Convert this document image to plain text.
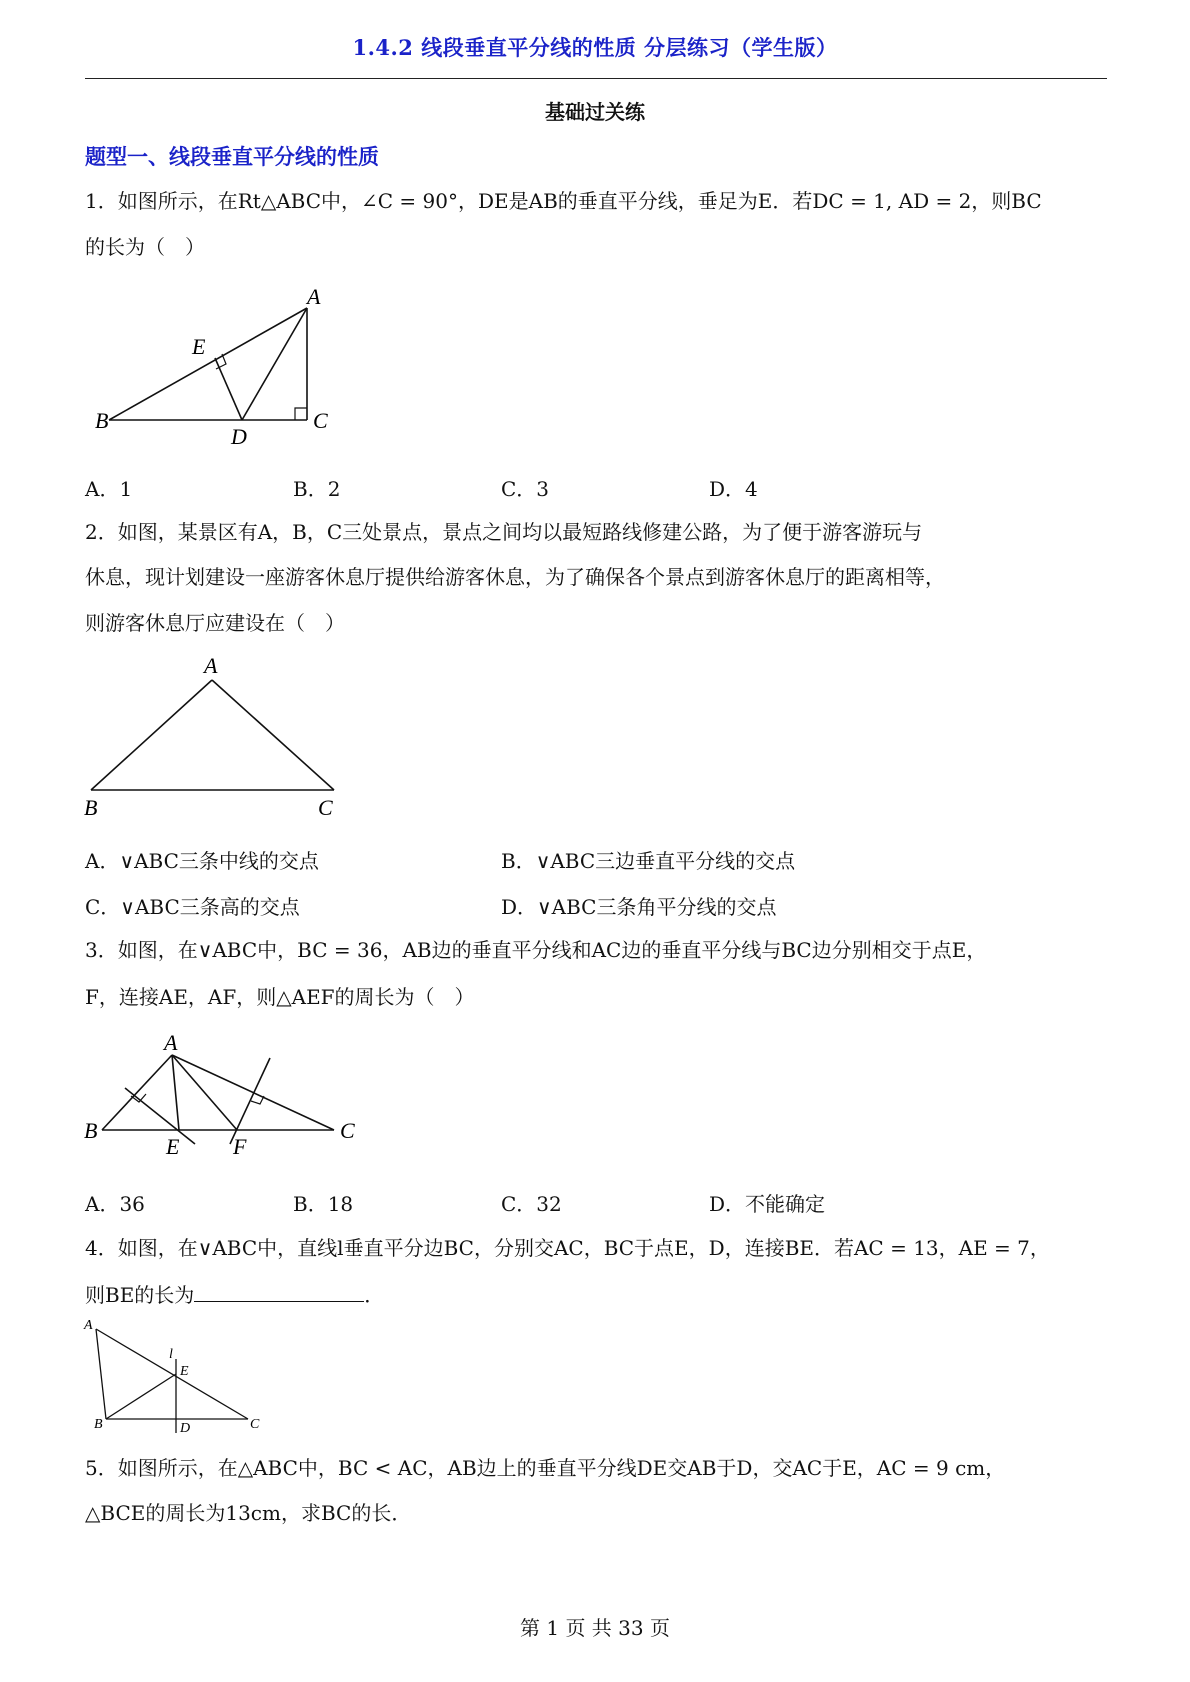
1.4.2 线段垂直平分线的性质 分层练习（学生版）
基础过关练
题型一、线段垂直平分线的性质
1．如图所示，在Rt△ABC中，∠C = 90°，DE是AB的垂直平分线，垂足为E．若DC = 1, AD = 2，则BC
的长为（　）
A
B	C
D
E
A．1	B．2	C．3	D．4
2．如图，某景区有A，B，C三处景点，景点之间均以最短路线修建公路，为了便于游客游玩与
休息，现计划建设一座游客休息厅提供给游客休息，为了确保各个景点到游客休息厅的距离相等，
则游客休息厅应建设在（　）
A
B	C
A．∨ABC三条中线的交点	B．∨ABC三边垂直平分线的交点
C．∨ABC三条高的交点	D．∨ABC三条角平分线的交点
3．如图，在∨ABC中，BC = 36，AB边的垂直平分线和AC边的垂直平分线与BC边分别相交于点E，
F，连接AE，AF，则△AEF的周长为（　）
A
B	C
E F
A．36	B．18	C．32	D．不能确定
4．如图，在∨ABC中，直线l垂直平分边BC，分别交AC，BC于点E，D，连接BE．若AC = 13，AE = 7，
则BE的长为	．
A
B	C
D
E
l
5．如图所示，在△ABC中，BC < AC，AB边上的垂直平分线DE交AB于D，交AC于E，AC = 9 cm，
△BCE的周长为13cm，求BC的长．
第 1 页 共 33 页
